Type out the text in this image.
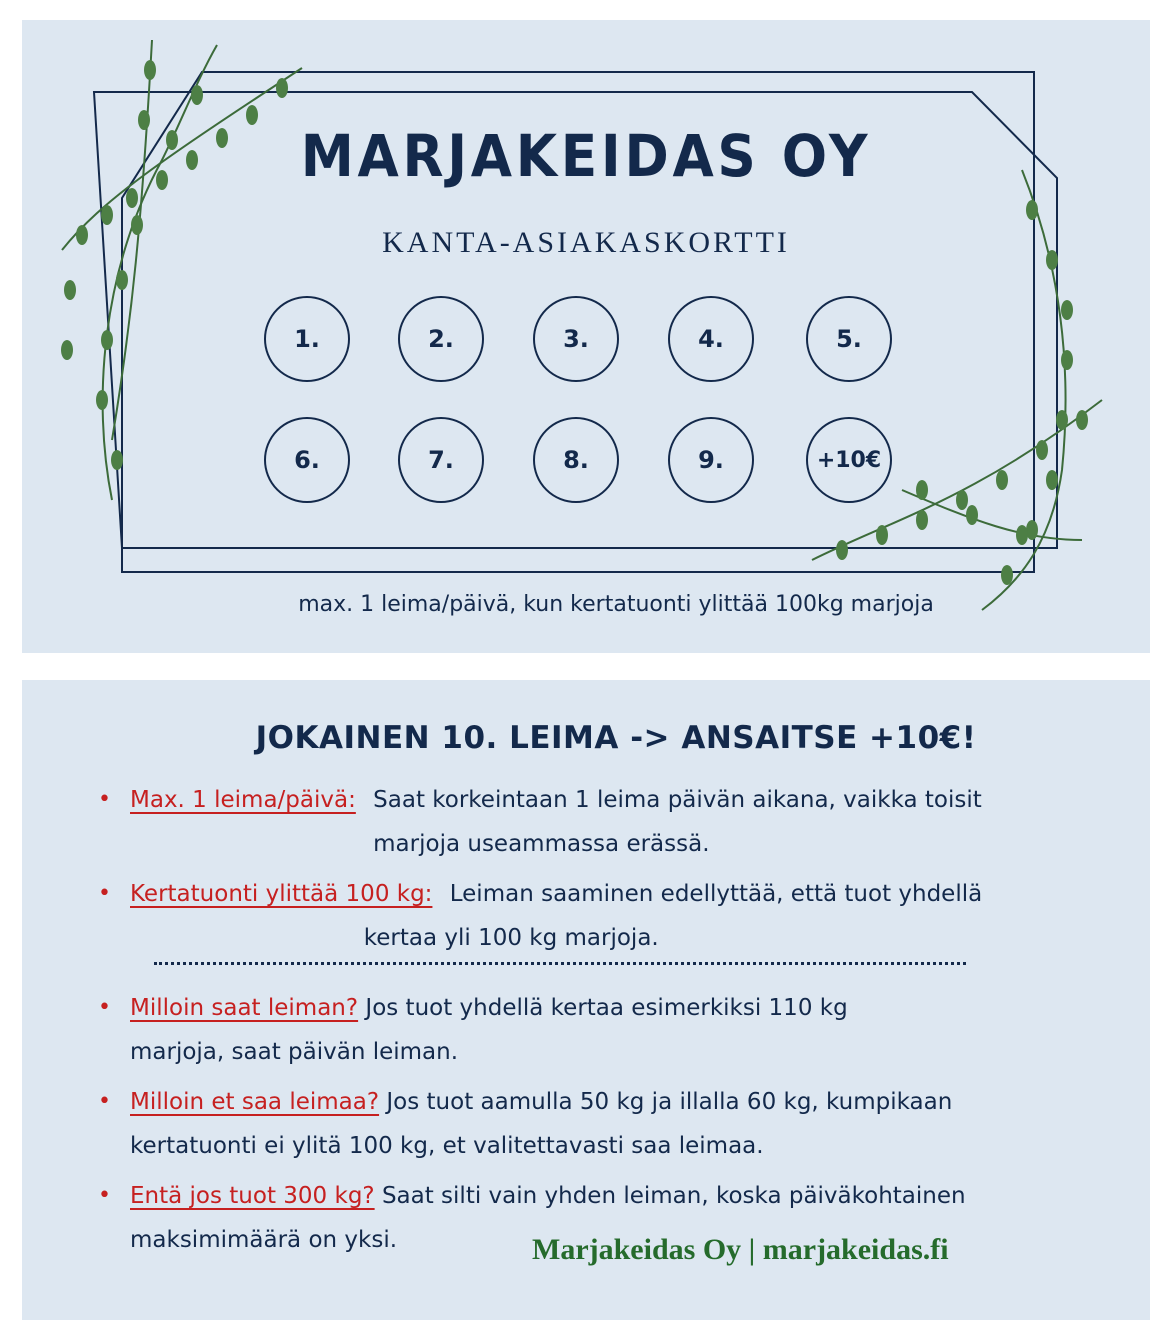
MARJAKEIDAS OY
KANTA-ASIAKASKORTTI
1.	2.	3.	4.	5.
6.	7.	8.	9.	+10€
max. 1 leima/päivä, kun kertatuonti ylittää 100kg marjoja
JOKAINEN 10. LEIMA -> ANSAITSE +10€!
• Max. 1 leima/päivä: Saat korkeintaan 1 leima päivän aikana, vaikka toisit
marjoja useammassa erässä.
• Kertatuonti ylittää 100 kg: Leiman saaminen edellyttää, että tuot yhdellä
kertaa yli 100 kg marjoja.
• Milloin saat leiman? Jos tuot yhdellä kertaa esimerkiksi 110 kg
marjoja, saat päivän leiman.
• Milloin et saa leimaa? Jos tuot aamulla 50 kg ja illalla 60 kg, kumpikaan
kertatuonti ei ylitä 100 kg, et valitettavasti saa leimaa.
• Entä jos tuot 300 kg? Saat silti vain yhden leiman, koska päiväkohtainen
maksimimäärä on yksi.	Marjakeidas Oy | marjakeidas.fi
